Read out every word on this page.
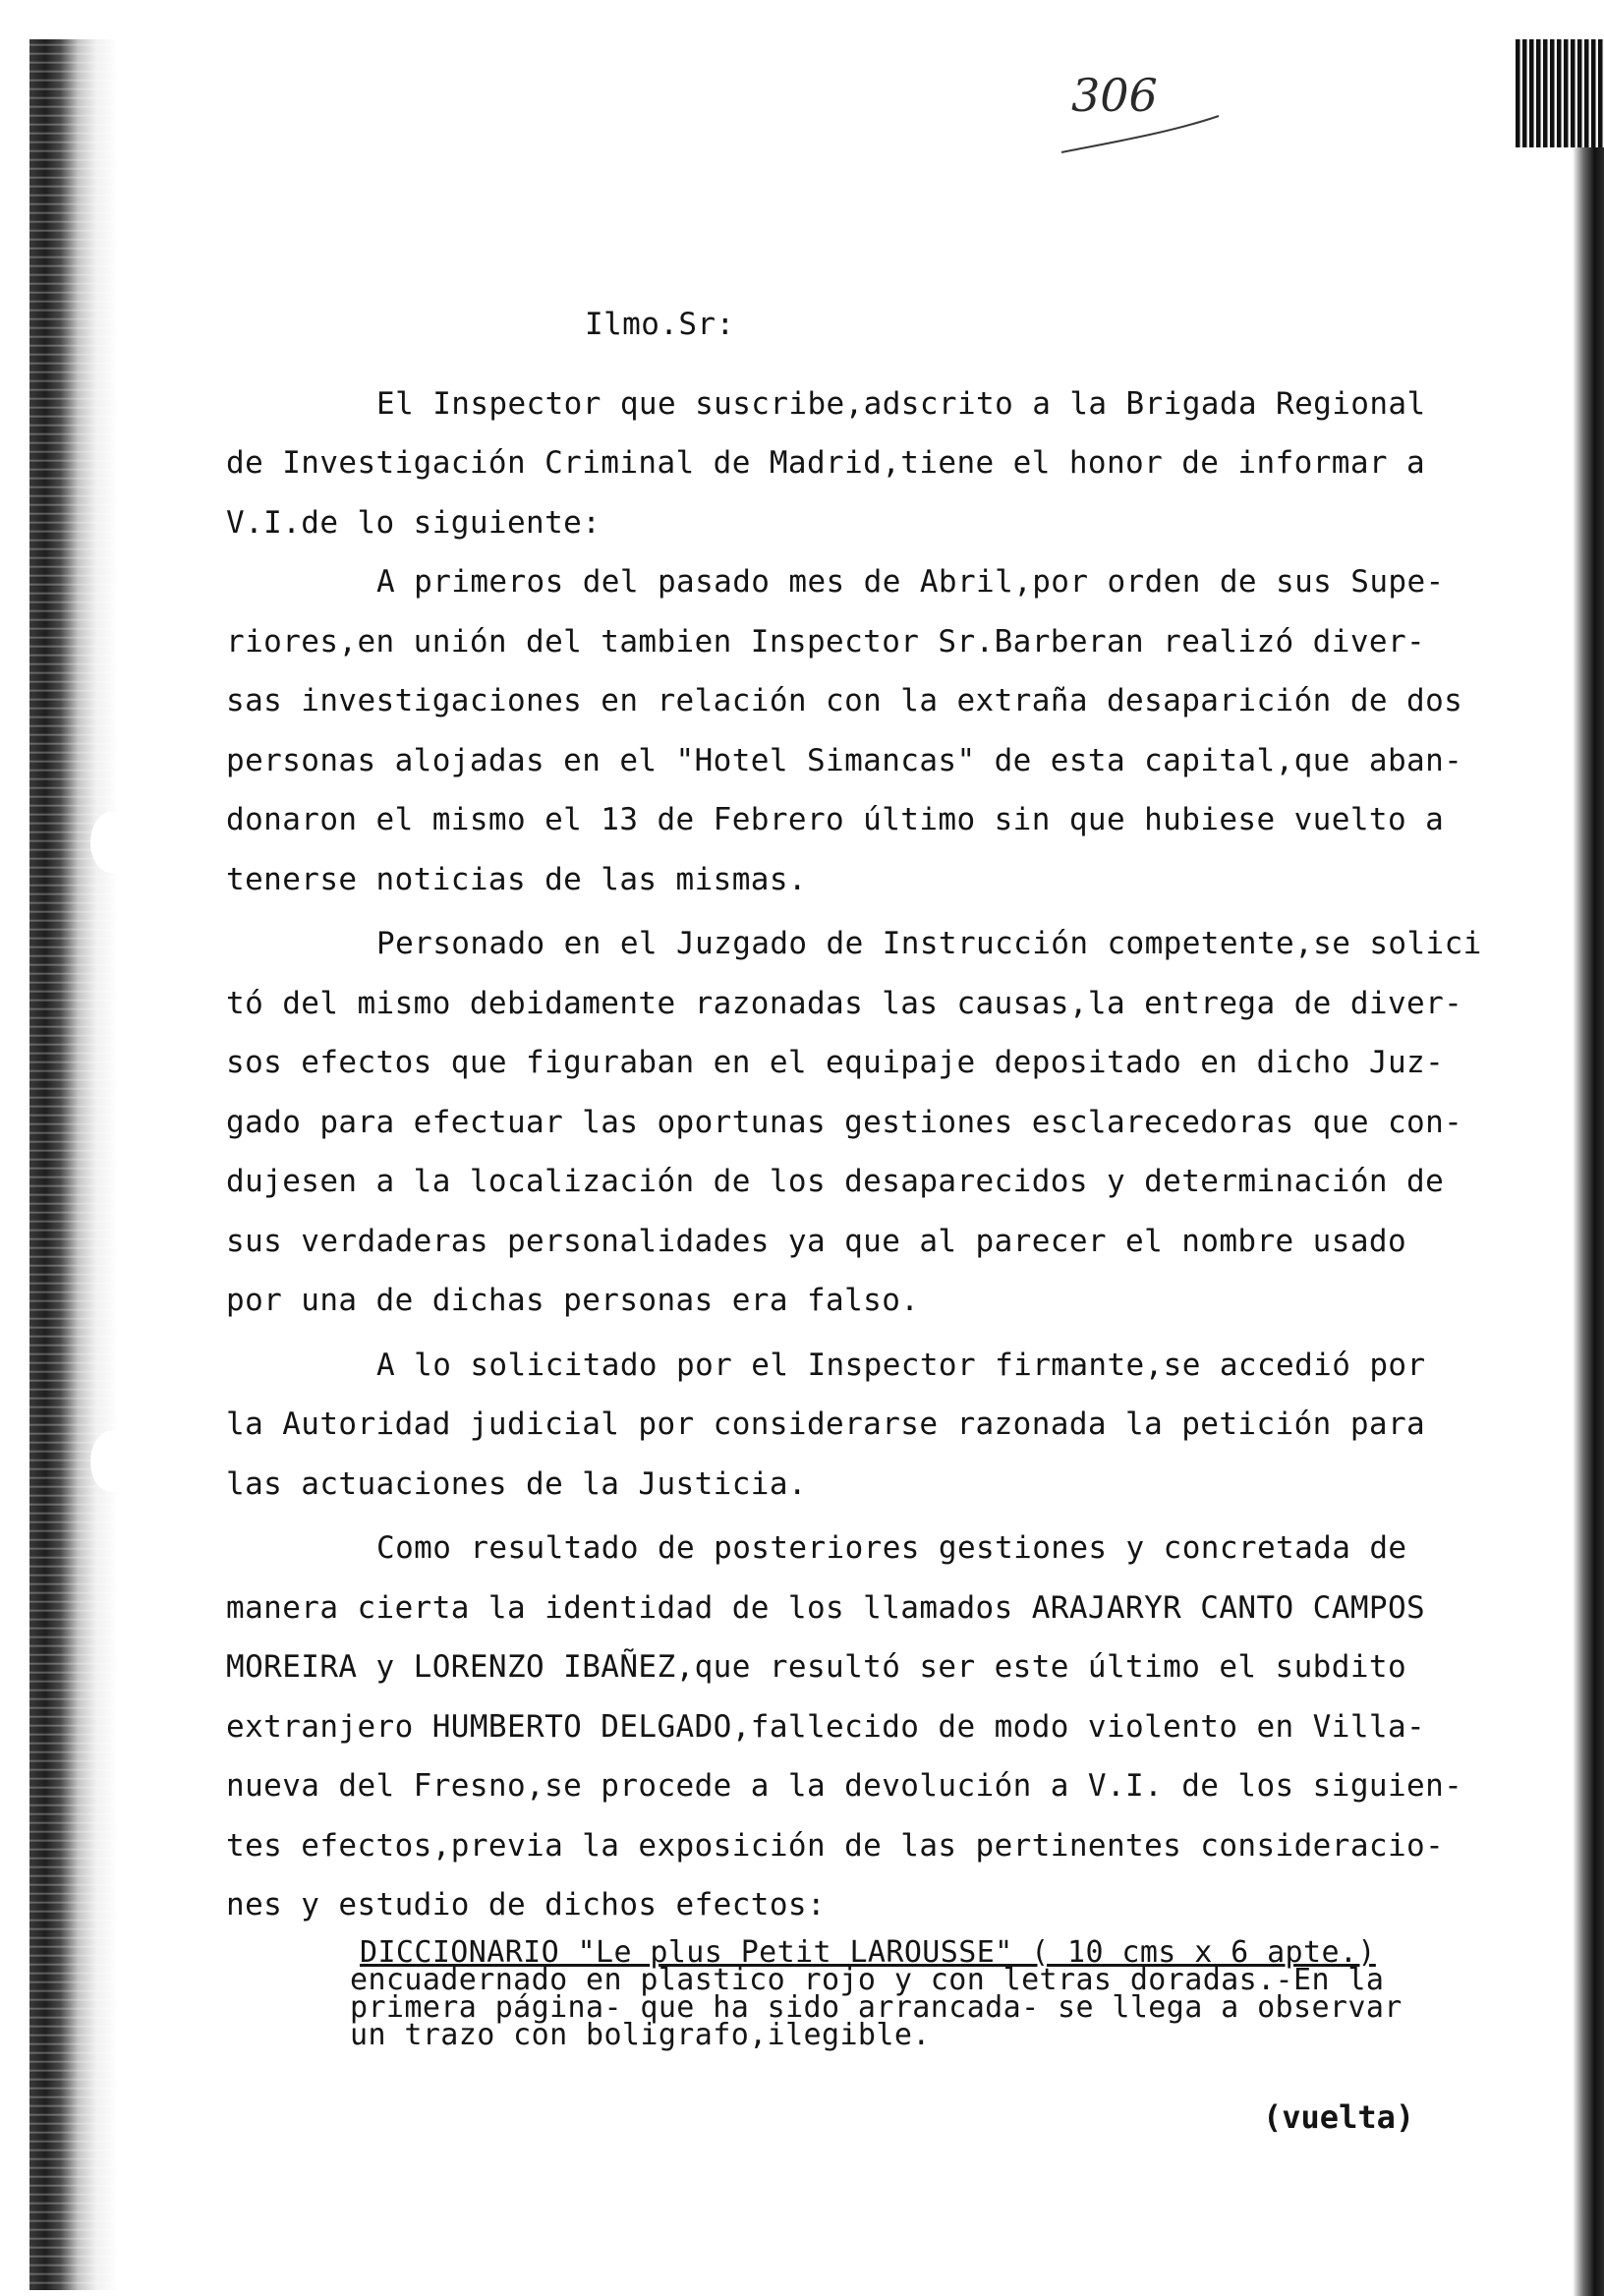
306
Ilmo.Sr:
El Inspector que suscribe,adscrito a la Brigada Regional
de Investigación Criminal de Madrid,tiene el honor de informar a
V.I.de lo siguiente:
A primeros del pasado mes de Abril,por orden de sus Supe-
riores,en unión del tambien Inspector Sr.Barberan realizó diver-
sas investigaciones en relación con la extraña desaparición de dos
personas alojadas en el "Hotel Simancas" de esta capital,que aban-
donaron el mismo el 13 de Febrero último sin que hubiese vuelto a
tenerse noticias de las mismas.
Personado en el Juzgado de Instrucción competente,se solici
tó del mismo debidamente razonadas las causas,la entrega de diver-
sos efectos que figuraban en el equipaje depositado en dicho Juz-
gado para efectuar las oportunas gestiones esclarecedoras que con-
dujesen a la localización de los desaparecidos y determinación de
sus verdaderas personalidades ya que al parecer el nombre usado
por una de dichas personas era falso.
A lo solicitado por el Inspector firmante,se accedió por
la Autoridad judicial por considerarse razonada la petición para
las actuaciones de la Justicia.
Como resultado de posteriores gestiones y concretada de
manera cierta la identidad de los llamados ARAJARYR CANTO CAMPOS
MOREIRA y LORENZO IBAÑEZ,que resultó ser este último el subdito
extranjero HUMBERTO DELGADO,fallecido de modo violento en Villa-
nueva del Fresno,se procede a la devolución a V.I. de los siguien-
tes efectos,previa la exposición de las pertinentes consideracio-
nes y estudio de dichos efectos:
DICCIONARIO "Le plus Petit LAROUSSE" ( 10 cms x 6 apte.)
encuadernado en plastico rojo y con letras doradas.-En la
primera página- que ha sido arrancada- se llega a observar
un trazo con boligrafo,ilegible.
(vuelta)
